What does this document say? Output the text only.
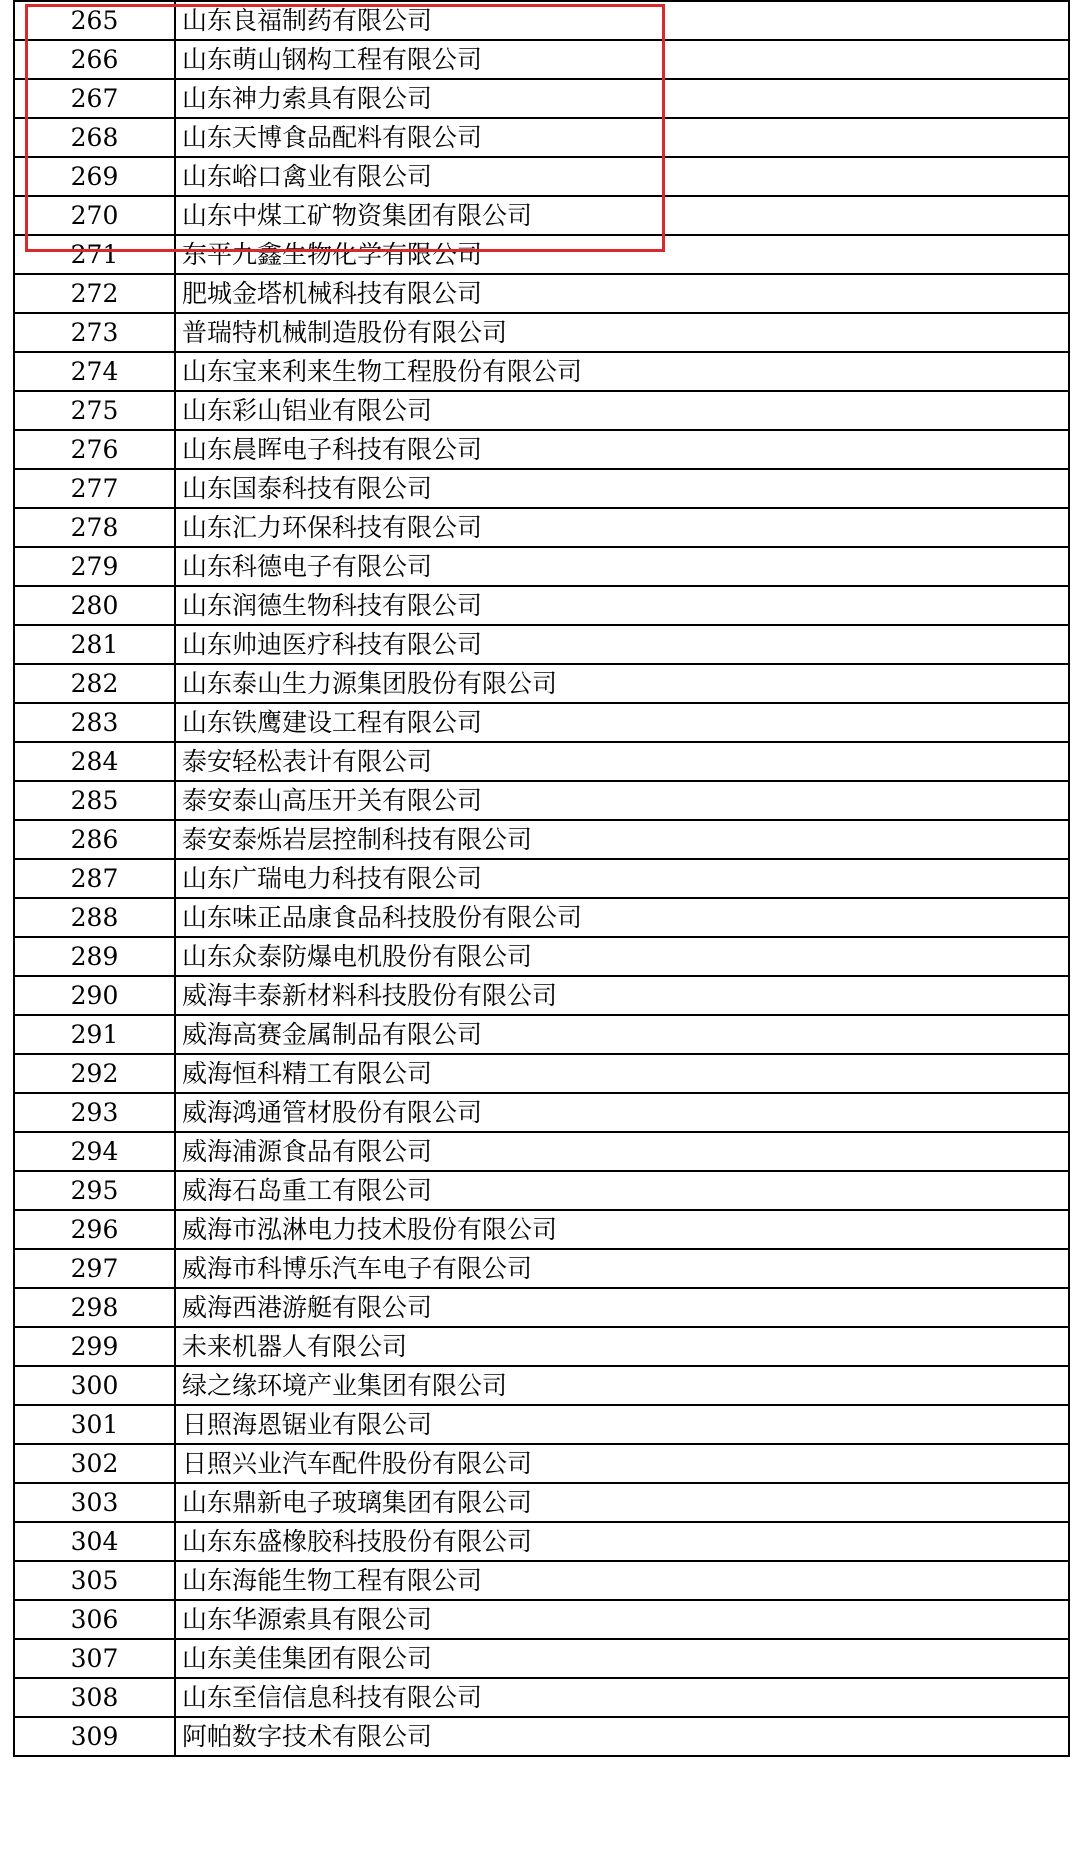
265	山东良福制药有限公司
266	山东萌山钢构工程有限公司
267	山东神力索具有限公司
268	山东天博食品配料有限公司
269	山东峪口禽业有限公司
270	山东中煤工矿物资集团有限公司
271	东平九鑫生物化学有限公司
272	肥城金塔机械科技有限公司
273	普瑞特机械制造股份有限公司
274	山东宝来利来生物工程股份有限公司
275	山东彩山铝业有限公司
276	山东晨晖电子科技有限公司
277	山东国泰科技有限公司
278	山东汇力环保科技有限公司
279	山东科德电子有限公司
280	山东润德生物科技有限公司
281	山东帅迪医疗科技有限公司
282	山东泰山生力源集团股份有限公司
283	山东铁鹰建设工程有限公司
284	泰安轻松表计有限公司
285	泰安泰山高压开关有限公司
286	泰安泰烁岩层控制科技有限公司
287	山东广瑞电力科技有限公司
288	山东味正品康食品科技股份有限公司
289	山东众泰防爆电机股份有限公司
290	威海丰泰新材料科技股份有限公司
291	威海高赛金属制品有限公司
292	威海恒科精工有限公司
293	威海鸿通管材股份有限公司
294	威海浦源食品有限公司
295	威海石岛重工有限公司
296	威海市泓淋电力技术股份有限公司
297	威海市科博乐汽车电子有限公司
298	威海西港游艇有限公司
299	未来机器人有限公司
300	绿之缘环境产业集团有限公司
301	日照海恩锯业有限公司
302	日照兴业汽车配件股份有限公司
303	山东鼎新电子玻璃集团有限公司
304	山东东盛橡胶科技股份有限公司
305	山东海能生物工程有限公司
306	山东华源索具有限公司
307	山东美佳集团有限公司
308	山东至信信息科技有限公司
309	阿帕数字技术有限公司
